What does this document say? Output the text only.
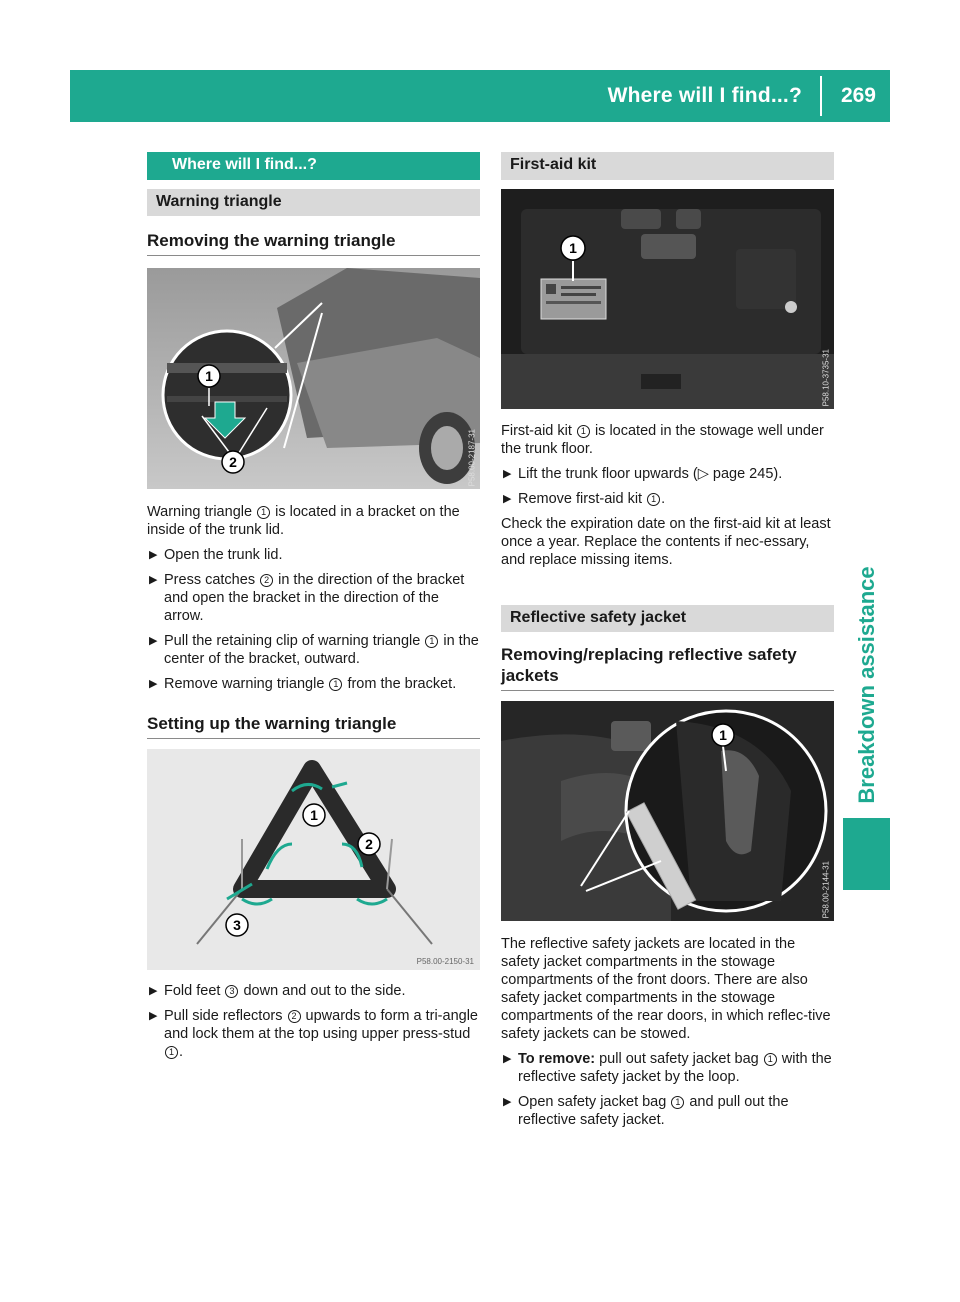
Where will I find...? 269
Breakdown assistance
Where will I find...?
Warning triangle
Removing the warning triangle
1
2	P58.00-2187-31
Warning triangle 1 is located in a bracket on the inside of the trunk lid.
▶ Open the trunk lid.
▶ Press catches 2 in the direction of the bracket and open the bracket in the direction of the arrow.
▶ Pull the retaining clip of warning triangle 1 in the center of the bracket, outward.
▶ Remove warning triangle 1 from the bracket.
Setting up the warning triangle
1
2
3
P58.00-2150-31
▶ Fold feet 3 down and out to the side.
▶ Pull side reflectors 2 upwards to form a tri-angle and lock them at the top using upper press-stud 1 .
First-aid kit
1
P58.10-3735-31
First-aid kit 1 is located in the stowage well under the trunk floor.
▶ Lift the trunk floor upwards (▷ page 245).
▶ Remove first-aid kit 1 .
Check the expiration date on the first-aid kit at least once a year. Replace the contents if nec-essary, and replace missing items.
Reflective safety jacket
Removing/replacing reflective safety jackets
1
P58.00-2144-31
The reflective safety jackets are located in the safety jacket compartments in the stowage compartments of the front doors. There are also safety jacket compartments in the stowage compartments of the rear doors, in which reflec-tive safety jackets can be stowed.
▶ To remove: pull out safety jacket bag 1 with the reflective safety jacket by the loop.
▶ Open safety jacket bag 1 and pull out the reflective safety jacket.
